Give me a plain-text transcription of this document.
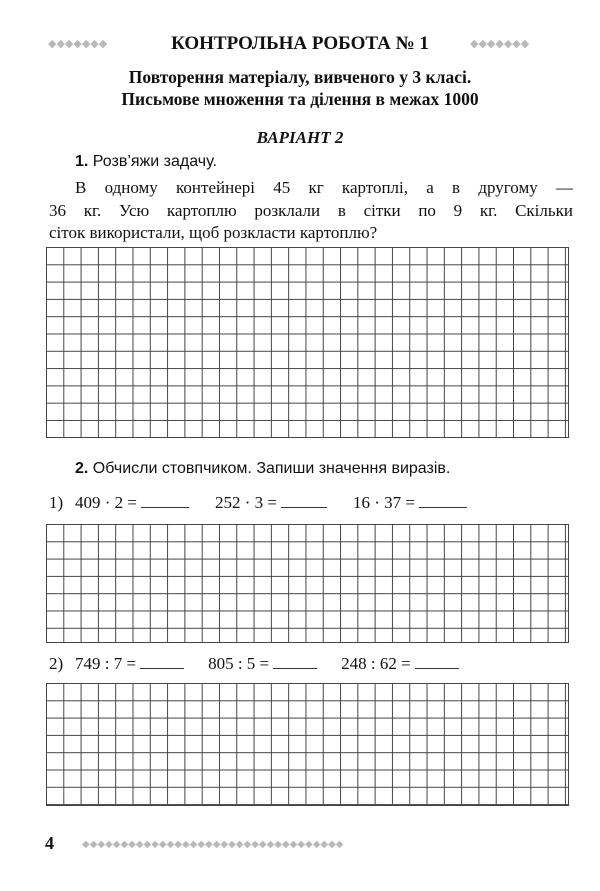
◆◆◆◆◆◆◆	◆◆◆◆◆◆◆
КОНТРОЛЬНА РОБОТА № 1
Повторення матеріалу, вивченого у 3 класі.
Письмове множення та ділення в межах 1000
ВАРІАНТ 2
1. Розв’яжи задачу.
В одному контейнері 45 кг картоплі, а в другому —
36 кг. Усю картоплю розклали в сітки по 9 кг. Скільки
сіток використали, щоб розкласти картоплю?
2. Обчисли стовпчиком. Запиши значення виразів.
1) 409 · 2 =	252 · 3 =	16 · 37 =
2) 749 : 7 =	805 : 5 =	248 : 62 =
4	◆◆◆◆◆◆◆◆◆◆◆◆◆◆◆◆◆◆◆◆◆◆◆◆◆◆◆◆◆◆◆◆◆◆
